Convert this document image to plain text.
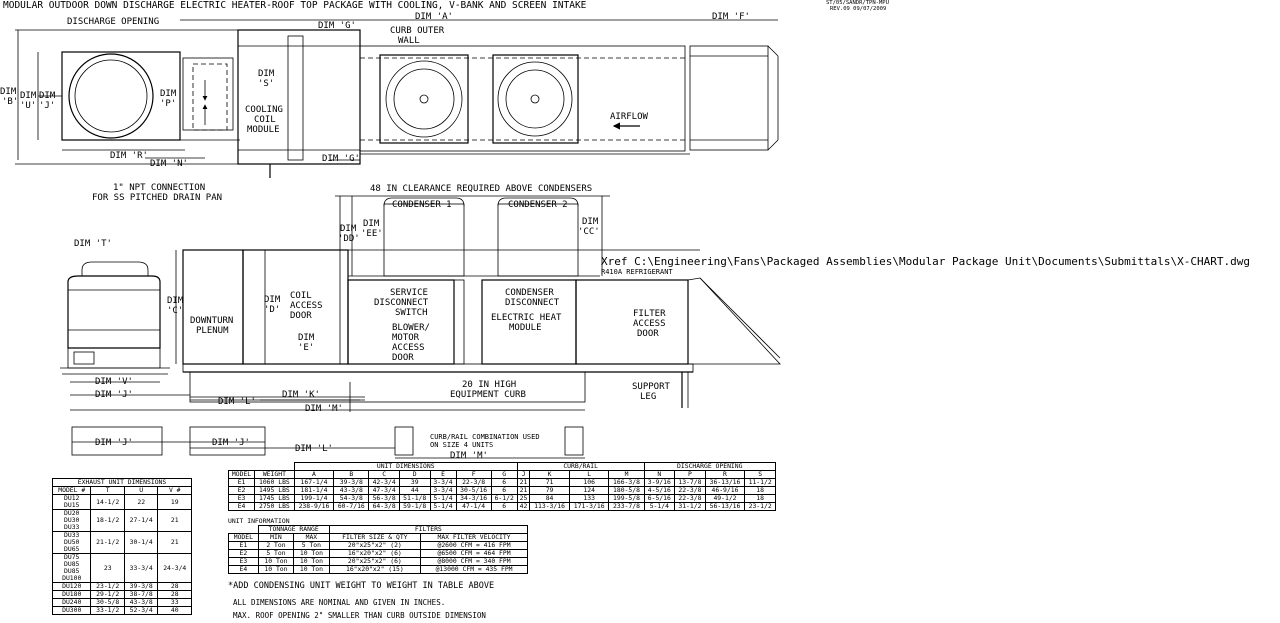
MODULAR OUTDOOR DOWN DISCHARGE ELECTRIC HEATER-ROOF TOP PACKAGE WITH COOLING, V-BANK AND SCREEN INTAKE	ST/05/SANDR/TPN-MPU
REV.09 09/07/2009
DISCHARGE OPENING	DIM 'A'	DIM 'F'
DIM 'G'	CURB OUTER
WALL
DIM
'S'
DIM
'B'
DIM
'U'
DIM
'J'
DIM
'P'
COOLING
COIL
MODULE
AIRFLOW
DIM 'R'
DIM 'N'	DIM 'G'
1" NPT CONNECTION
FOR SS PITCHED DRAIN PAN
48 IN CLEARANCE REQUIRED ABOVE CONDENSERS
CONDENSER 1	CONDENSER 2
DIM 'T'
DIM
'DD'
DIM
'EE'
DIM
'CC'
Xref C:\Engineering\Fans\Packaged Assemblies\Modular Package Unit\Documents\Submittals\X-CHART.dwg
R410A REFRIGERANT
DIM
'C'
DOWNTURN
PLENUM
DIM
'D'
COIL
ACCESS
DOOR
DIM
'E'
SERVICE
DISCONNECT
SWITCH
BLOWER/
MOTOR
ACCESS
DOOR
CONDENSER
DISCONNECT
ELECTRIC HEAT
MODULE
FILTER
ACCESS
DOOR
DIM 'V'
DIM 'J'	DIM 'K'
DIM 'L'
DIM 'M'
20 IN HIGH
EQUIPMENT CURB
SUPPORT
LEG
DIM 'J'	DIM 'J'
DIM 'L'
DIM 'M'
CURB/RAIL COMBINATION USED
ON SIZE 4 UNITS
EXHAUST UNIT DIMENSIONS			
MODEL #	T	U	V #

DU12
DU15	14-1/2	22	19

DU20
DU30
DU33	18-1/2	27-1/4	21

DU33
DU50
DU65	21-1/2	30-1/4	21

DU75
DU85
DU85
DU100	23	33-3/4	24-3/4

DU120	23-1/2	39-3/8	28

DU180	29-1/2	38-7/8	28

DU240	30-5/8	43-3/8	33

DU300	33-1/2	52-3/4	40
		UNIT DIMENSIONS							CURB/RAIL				DISCHARGE OPENING			
MODEL	WEIGHT	A	B	C	D	E	F	G	J	K	L	M	N	P	R	S
E1	1060 LBS	167-1/4	39-3/8	42-3/4	39	3-3/4	22-3/8	6	21	71	106	166-3/8	3-9/16	13-7/8	36-13/16	11-1/2
E2	1495 LBS	181-1/4	43-3/8	47-3/4	44	3-3/4	30-5/16	6	21	79	124	180-5/8	4-5/16	22-3/8	46-9/16	18
E3	1745 LBS	199-1/4	54-3/8	56-3/8	51-1/8	5-1/4	34-3/16	6-1/2	25	84	133	199-5/8	6-5/16	22-3/8	49-1/2	18
E4	2750 LBS	238-9/16	60-7/16	64-3/8	59-1/8	5-1/4	47-1/4	6	42	113-3/16	171-3/16	233-7/8	5-1/4	31-1/2	56-13/16	23-1/2
UNIT INFORMATION
	TONNAGE RANGE		FILTERS	
MODEL	MIN	MAX	FILTER SIZE & QTY	MAX FILTER VELOCITY
E1	2 Ton	5 Ton	20"x25"x2" (2)	@2600 CFM = 416 FPM
E2	5 Ton	10 Ton	16"x20"x2" (6)	@6500 CFM = 464 FPM
E3	10 Ton	10 Ton	20"x25"x2" (6)	@8000 CFM = 340 FPM
E4	10 Ton	10 Ton	16"x20"x2" (15)	@13000 CFM = 435 FPM
*ADD CONDENSING UNIT WEIGHT TO WEIGHT IN TABLE ABOVE
ALL DIMENSIONS ARE NOMINAL AND GIVEN IN INCHES.
MAX. ROOF OPENING 2" SMALLER THAN CURB OUTSIDE DIMENSION
